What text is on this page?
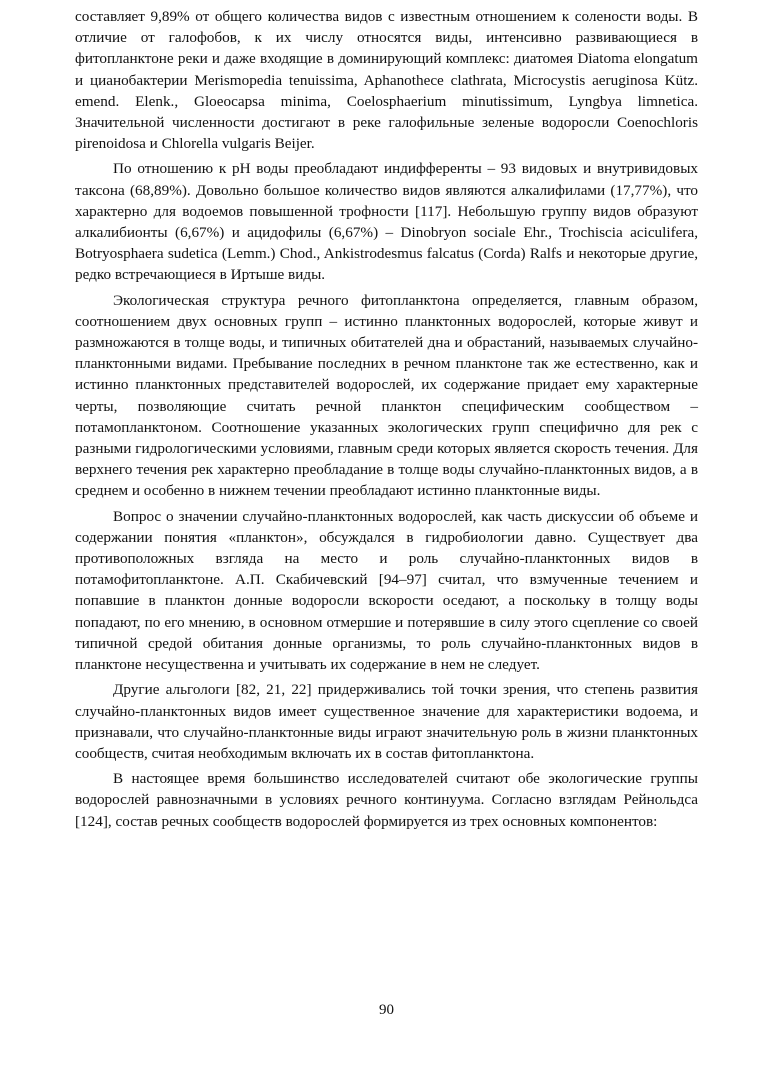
составляет 9,89% от общего количества видов с известным отношением к солености воды. В отличие от галофобов, к их числу относятся виды, интенсивно развивающиеся в фитопланктоне реки и даже входящие в доминирующий комплекс: диатомея Diatoma elongatum и цианобактерии Merismopedia tenuissima, Aphanothece clathrata, Microcystis aeruginosa Kütz. emend. Elenk., Gloeocapsa minima, Coelosphaerium minutissimum, Lyngbya limnetica. Значительной численности достигают в реке галофильные зеленые водоросли Coenochloris pirenoidosa и Chlorella vulgaris Beijer.

По отношению к pH воды преобладают индифференты – 93 видовых и внутривидовых таксона (68,89%). Довольно большое количество видов являются алкалифилами (17,77%), что характерно для водоемов повышенной трофности [117]. Небольшую группу видов образуют алкалибионты (6,67%) и ацидофилы (6,67%) – Dinobryon sociale Ehr., Trochiscia aciculifera, Botryosphaera sudetica (Lemm.) Chod., Ankistrodesmus falcatus (Corda) Ralfs и некоторые другие, редко встречающиеся в Иртыше виды.

Экологическая структура речного фитопланктона определяется, главным образом, соотношением двух основных групп – истинно планктонных водорослей, которые живут и размножаются в толще воды, и типичных обитателей дна и обрастаний, называемых случайно-планктонными видами. Пребывание последних в речном планктоне так же естественно, как и истинно планктонных представителей водорослей, их содержание придает ему характерные черты, позволяющие считать речной планктон специфическим сообществом – потамопланктоном. Соотношение указанных экологических групп специфично для рек с разными гидрологическими условиями, главным среди которых является скорость течения. Для верхнего течения рек характерно преобладание в толще воды случайно-планктонных видов, а в среднем и особенно в нижнем течении преобладают истинно планктонные виды.

Вопрос о значении случайно-планктонных водорослей, как часть дискуссии об объеме и содержании понятия «планктон», обсуждался в гидробиологии давно. Существует два противоположных взгляда на место и роль случайно-планктонных видов в потамофитопланктоне. А.П. Скабичевский [94–97] считал, что взмученные течением и попавшие в планктон донные водоросли вскорости оседают, а поскольку в толщу воды попадают, по его мнению, в основном отмершие и потерявшие в силу этого сцепление со своей типичной средой обитания донные организмы, то роль случайно-планктонных видов в планктоне несущественна и учитывать их содержание в нем не следует.

Другие альгологи [82, 21, 22] придерживались той точки зрения, что степень развития случайно-планктонных видов имеет существенное значение для характеристики водоема, и признавали, что случайно-планктонные виды играют значительную роль в жизни планктонных сообществ, считая необходимым включать их в состав фитопланктона.

В настоящее время большинство исследователей считают обе экологические группы водорослей равнозначными в условиях речного континуума. Согласно взглядам Рейнольдса [124], состав речных сообществ водорослей формируется из трех основных компонентов:

90
